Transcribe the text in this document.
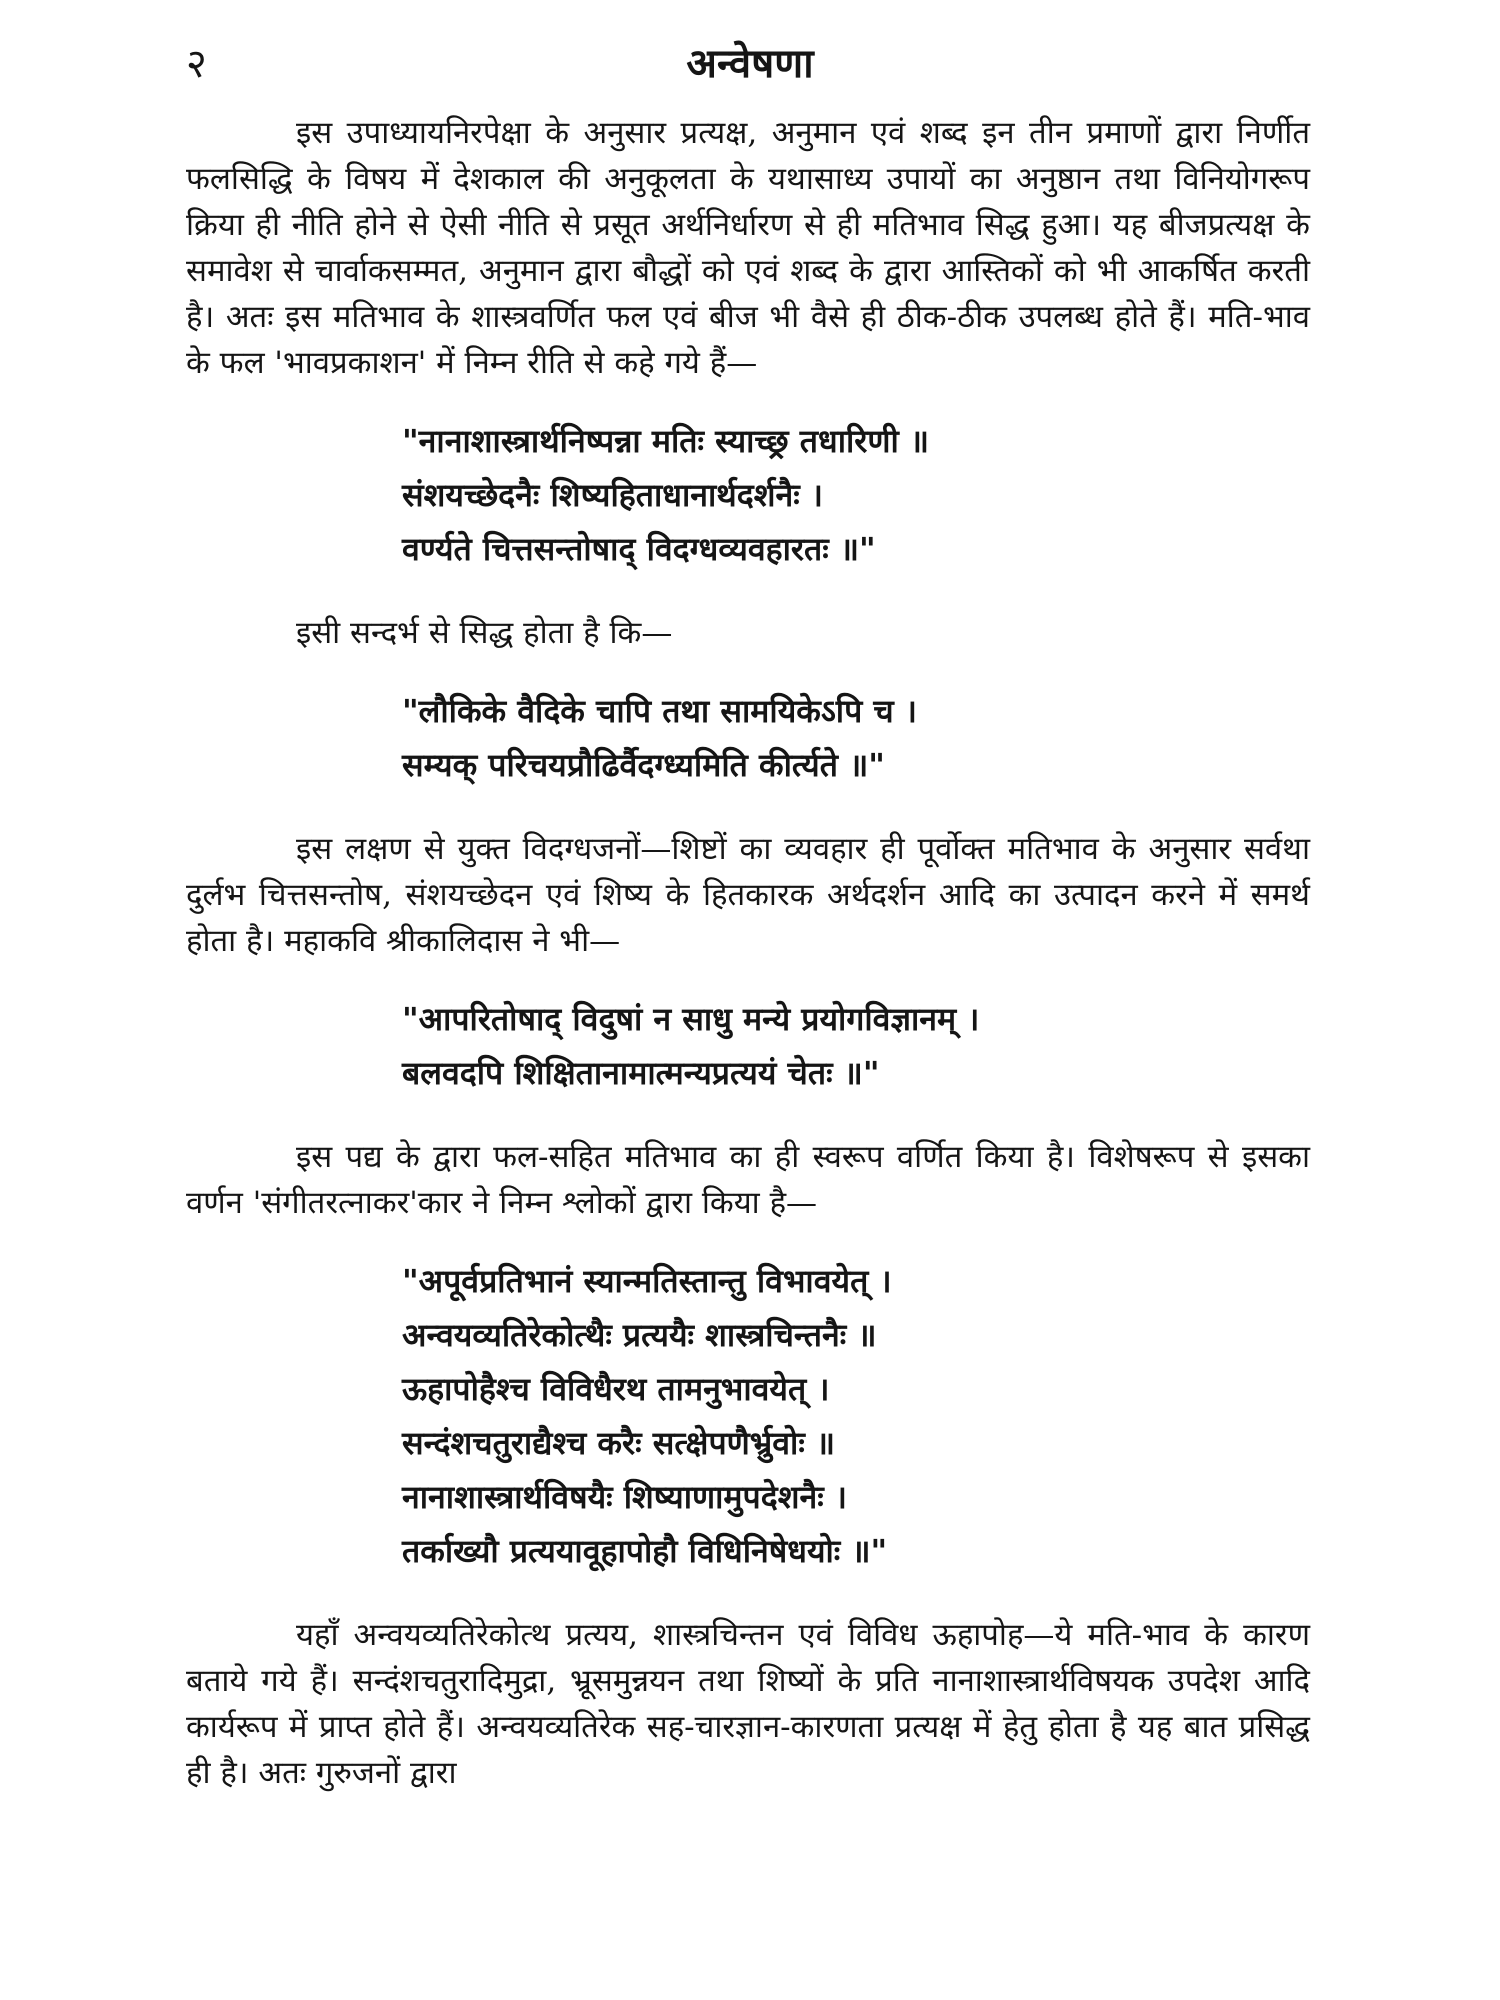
२	अन्वेषणा

इस उपाध्यायनिरपेक्षा के अनुसार प्रत्यक्ष, अनुमान एवं शब्द इन तीन प्रमाणों द्वारा निर्णीत फलसिद्धि के विषय में देशकाल की अनुकूलता के यथासाध्य उपायों का अनुष्ठान तथा विनियोगरूप क्रिया ही नीति होने से ऐसी नीति से प्रसूत अर्थनिर्धारण से ही मतिभाव सिद्ध हुआ। यह बीजप्रत्यक्ष के समावेश से चार्वाकसम्मत, अनुमान द्वारा बौद्धों को एवं शब्द के द्वारा आस्तिकों को भी आकर्षित करती है। अतः इस मतिभाव के शास्त्रवर्णित फल एवं बीज भी वैसे ही ठीक-ठीक उपलब्ध होते हैं। मति-भाव के फल 'भावप्रकाशन' में निम्न रीति से कहे गये हैं—

"नानाशास्त्रार्थनिष्पन्ना मतिः स्याच्छ्र तधारिणी ॥
संशयच्छेदनैः शिष्यहिताधानार्थदर्शनैः ।
वर्ण्यते चित्तसन्तोषाद् विदग्धव्यवहारतः ॥"

इसी सन्दर्भ से सिद्ध होता है कि—

"लौकिके वैदिके चापि तथा सामयिकेऽपि च ।
सम्यक् परिचयप्रौढिर्वैदग्ध्यमिति कीर्त्यते ॥"

इस लक्षण से युक्त विदग्धजनों—शिष्टों का व्यवहार ही पूर्वोक्त मतिभाव के अनुसार सर्वथा दुर्लभ चित्तसन्तोष, संशयच्छेदन एवं शिष्य के हितकारक अर्थदर्शन आदि का उत्पादन करने में समर्थ होता है। महाकवि श्रीकालिदास ने भी—

"आपरितोषाद् विदुषां न साधु मन्ये प्रयोगविज्ञानम् ।
बलवदपि शिक्षितानामात्मन्यप्रत्ययं चेतः ॥"

इस पद्य के द्वारा फल-सहित मतिभाव का ही स्वरूप वर्णित किया है। विशेषरूप से इसका वर्णन 'संगीतरत्नाकर'कार ने निम्न श्लोकों द्वारा किया है—

"अपूर्वप्रतिभानं स्यान्मतिस्तान्तु विभावयेत् ।
अन्वयव्यतिरेकोत्थैः प्रत्ययैः शास्त्रचिन्तनैः ॥
ऊहापोहैश्च विविधैरथ तामनुभावयेत् ।
सन्दंशचतुराद्यैश्च करैः सत्क्षेपणैर्भ्रुवोः ॥
नानाशास्त्रार्थविषयैः शिष्याणामुपदेशनैः ।
तर्काख्यौ प्रत्ययावूहापोहौ विधिनिषेधयोः ॥"

यहाँ अन्वयव्यतिरेकोत्थ प्रत्यय, शास्त्रचिन्तन एवं विविध ऊहापोह—ये मति-भाव के कारण बताये गये हैं। सन्दंशचतुरादिमुद्रा, भ्रूसमुन्नयन तथा शिष्यों के प्रति नानाशास्त्रार्थविषयक उपदेश आदि कार्यरूप में प्राप्त होते हैं। अन्वयव्यतिरेक सह-चारज्ञान-कारणता प्रत्यक्ष में हेतु होता है यह बात प्रसिद्ध ही है। अतः गुरुजनों द्वारा
